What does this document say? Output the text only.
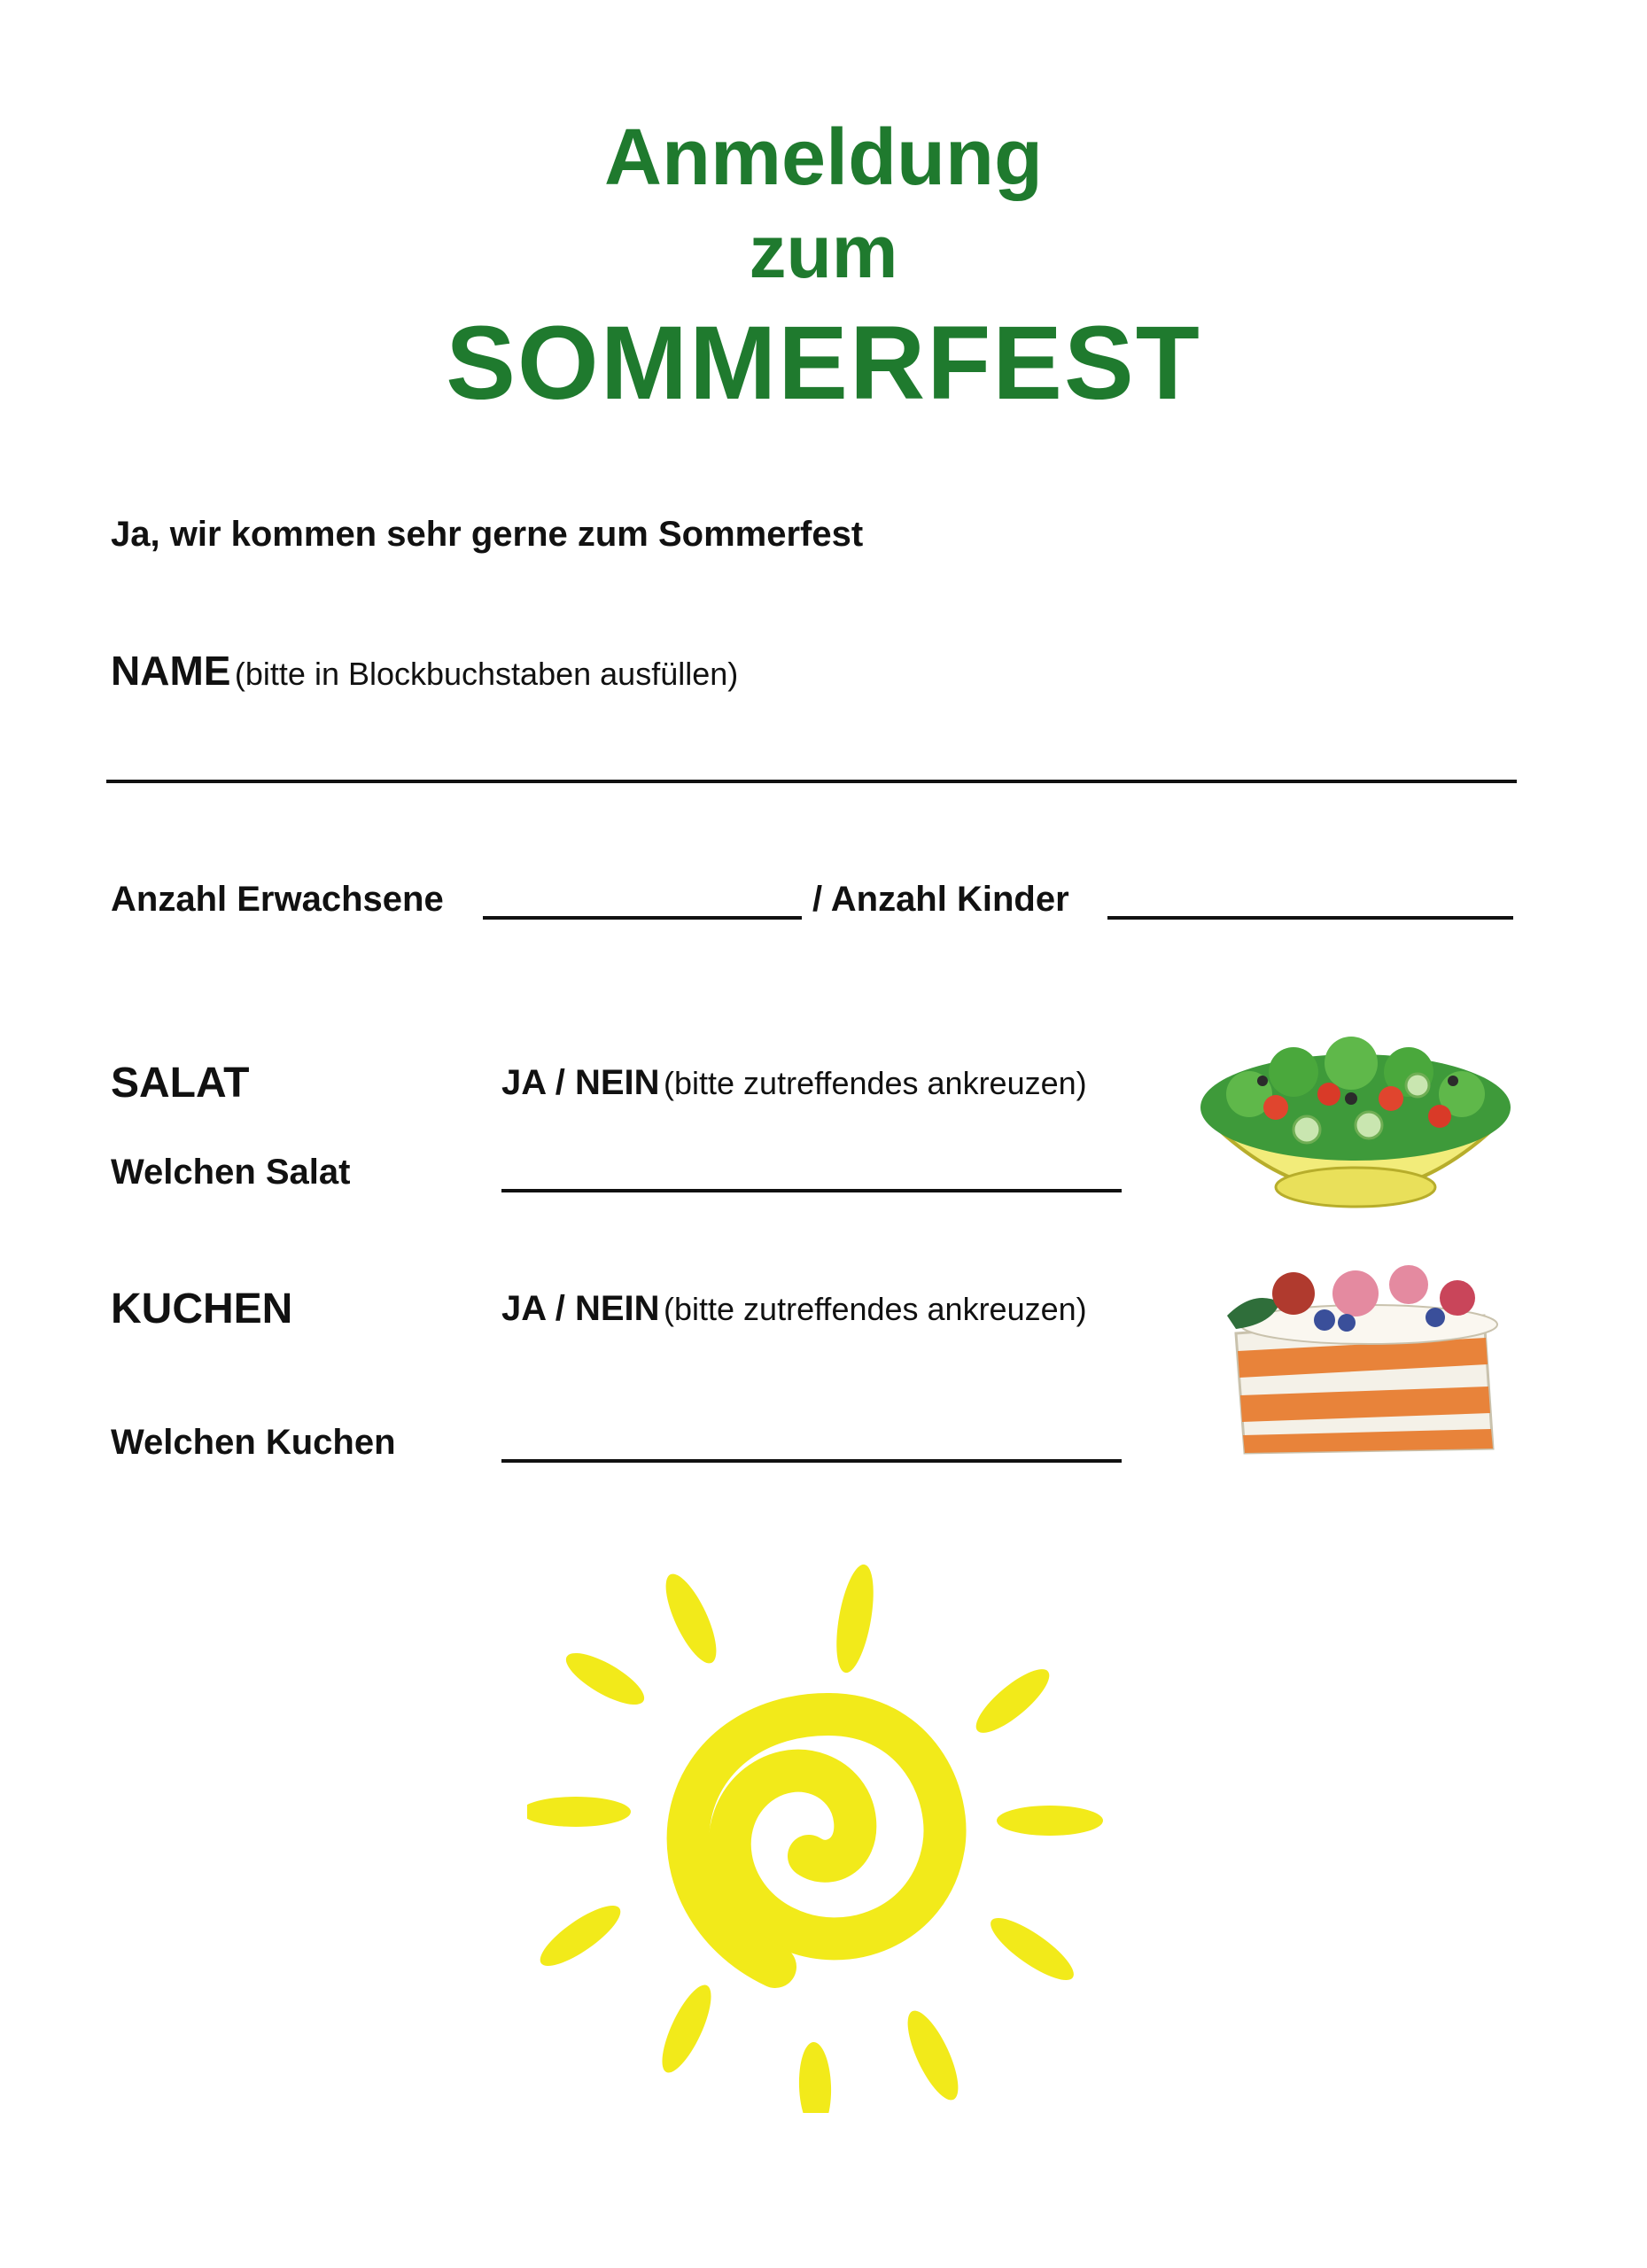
Anmeldung
zum
SOMMERFEST
Ja, wir kommen sehr gerne zum Sommerfest
NAME (bitte in Blockbuchstaben ausfüllen)
Anzahl Erwachsene	/ Anzahl Kinder
SALAT	JA / NEIN (bitte zutreffendes ankreuzen)
Welchen Salat
KUCHEN	JA / NEIN (bitte zutreffendes ankreuzen)
Welchen Kuchen
